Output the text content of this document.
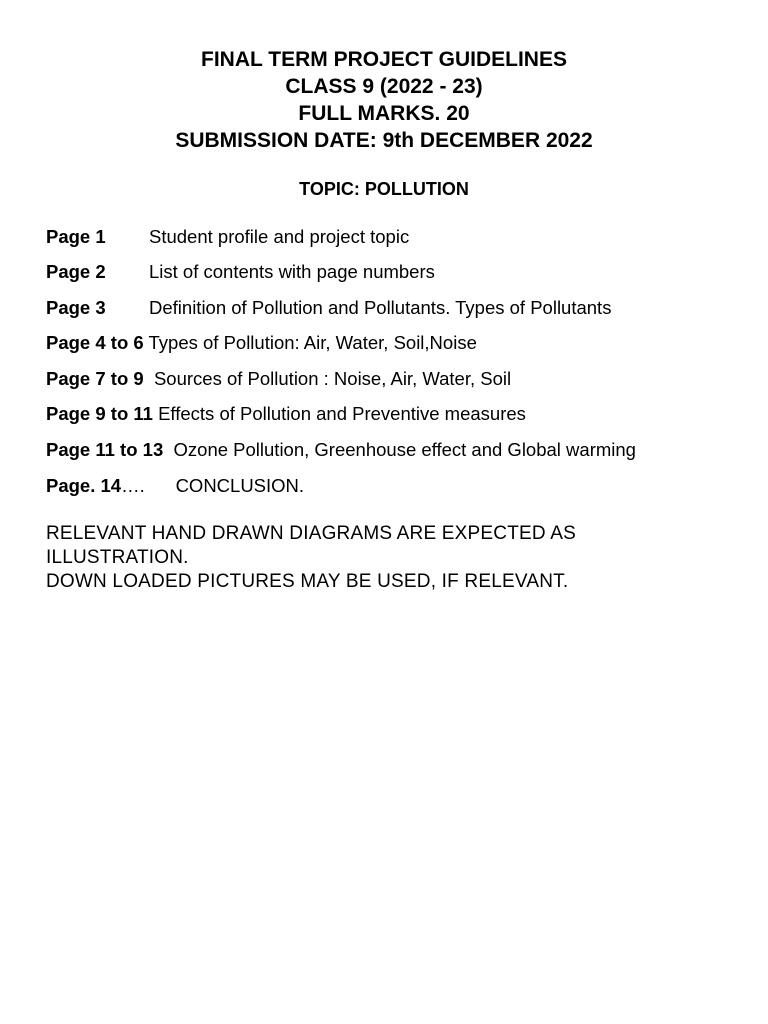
FINAL TERM PROJECT GUIDELINES
CLASS 9 (2022 - 23)
FULL MARKS. 20
SUBMISSION DATE: 9th DECEMBER 2022
TOPIC: POLLUTION
Page 1 Student profile and project topic
Page 2 List of contents with page numbers
Page 3 Definition of Pollution and Pollutants. Types of Pollutants
Page 4 to 6 Types of Pollution: Air, Water, Soil,Noise
Page 7 to 9 Sources of Pollution : Noise, Air, Water, Soil
Page 9 to 11 Effects of Pollution and Preventive measures
Page 11 to 13 Ozone Pollution, Greenhouse effect and Global warming
Page. 14….      CONCLUSION.
RELEVANT HAND DRAWN DIAGRAMS ARE EXPECTED AS
ILLUSTRATION.
DOWN LOADED PICTURES MAY BE USED, IF RELEVANT.
